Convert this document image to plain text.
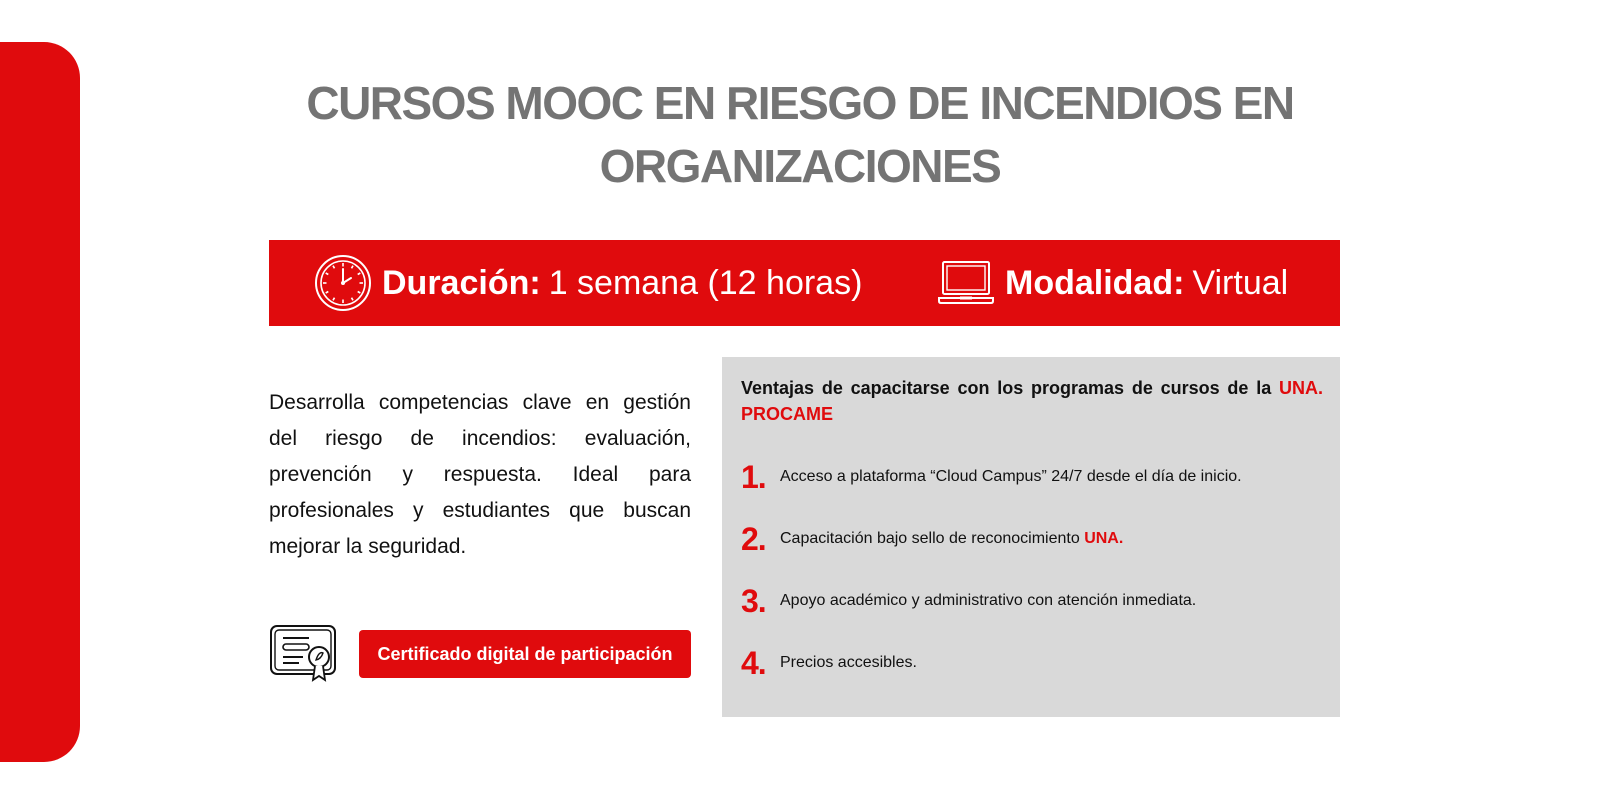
CURSOS MOOC EN RIESGO DE INCENDIOS EN ORGANIZACIONES
Duración: 1 semana (12 horas)	Modalidad: Virtual

Desarrolla competencias clave en gestión del riesgo de incendios: evaluación, prevención y respuesta. Ideal para profesionales y estudiantes que buscan mejorar la seguridad.

Certificado digital de participación

Ventajas de capacitarse con los programas de cursos de la UNA. PROCAME

1. Acceso a plataforma “Cloud Campus” 24/7 desde el día de inicio.
2. Capacitación bajo sello de reconocimiento UNA.
3. Apoyo académico y administrativo con atención inmediata.
4. Precios accesibles.
